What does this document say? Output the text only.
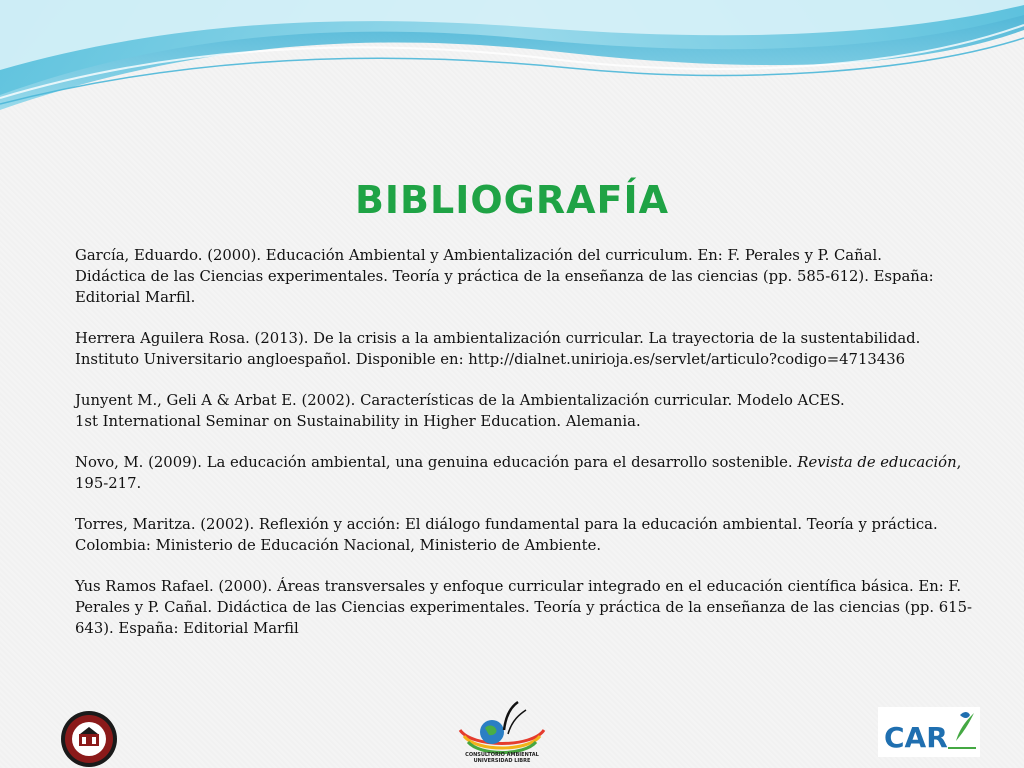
BIBLIOGRAFÍA

García, Eduardo. (2000). Educación Ambiental y Ambientalización del curriculum. En: F. Perales y P. Cañal.
Didáctica de las Ciencias experimentales. Teoría y práctica de la enseñanza de las ciencias (pp. 585-612). España:
Editorial Marfil.

Herrera Aguilera Rosa. (2013). De la crisis a la ambientalización curricular. La trayectoria de la sustentabilidad.
Instituto Universitario angloespañol. Disponible en: http://dialnet.unirioja.es/servlet/articulo?codigo=4713436

Junyent M., Geli A & Arbat E. (2002). Características de la Ambientalización curricular. Modelo ACES.
1st International Seminar on Sustainability in Higher Education. Alemania.

Novo, M. (2009). La educación ambiental, una genuina educación para el desarrollo sostenible. Revista de educación,
195-217.

Torres, Maritza. (2002). Reflexión y acción: El diálogo fundamental para la educación ambiental. Teoría y práctica.
Colombia: Ministerio de Educación Nacional, Ministerio de Ambiente.

Yus Ramos Rafael. (2000). Áreas transversales y enfoque curricular integrado en el educación científica básica. En: F.
Perales y P. Cañal. Didáctica de las Ciencias experimentales. Teoría y práctica de la enseñanza de las ciencias (pp. 615-
643). España: Editorial Marfil

CONSULTORIO AMBIENTAL
UNIVERSIDAD LIBRE
CAR
